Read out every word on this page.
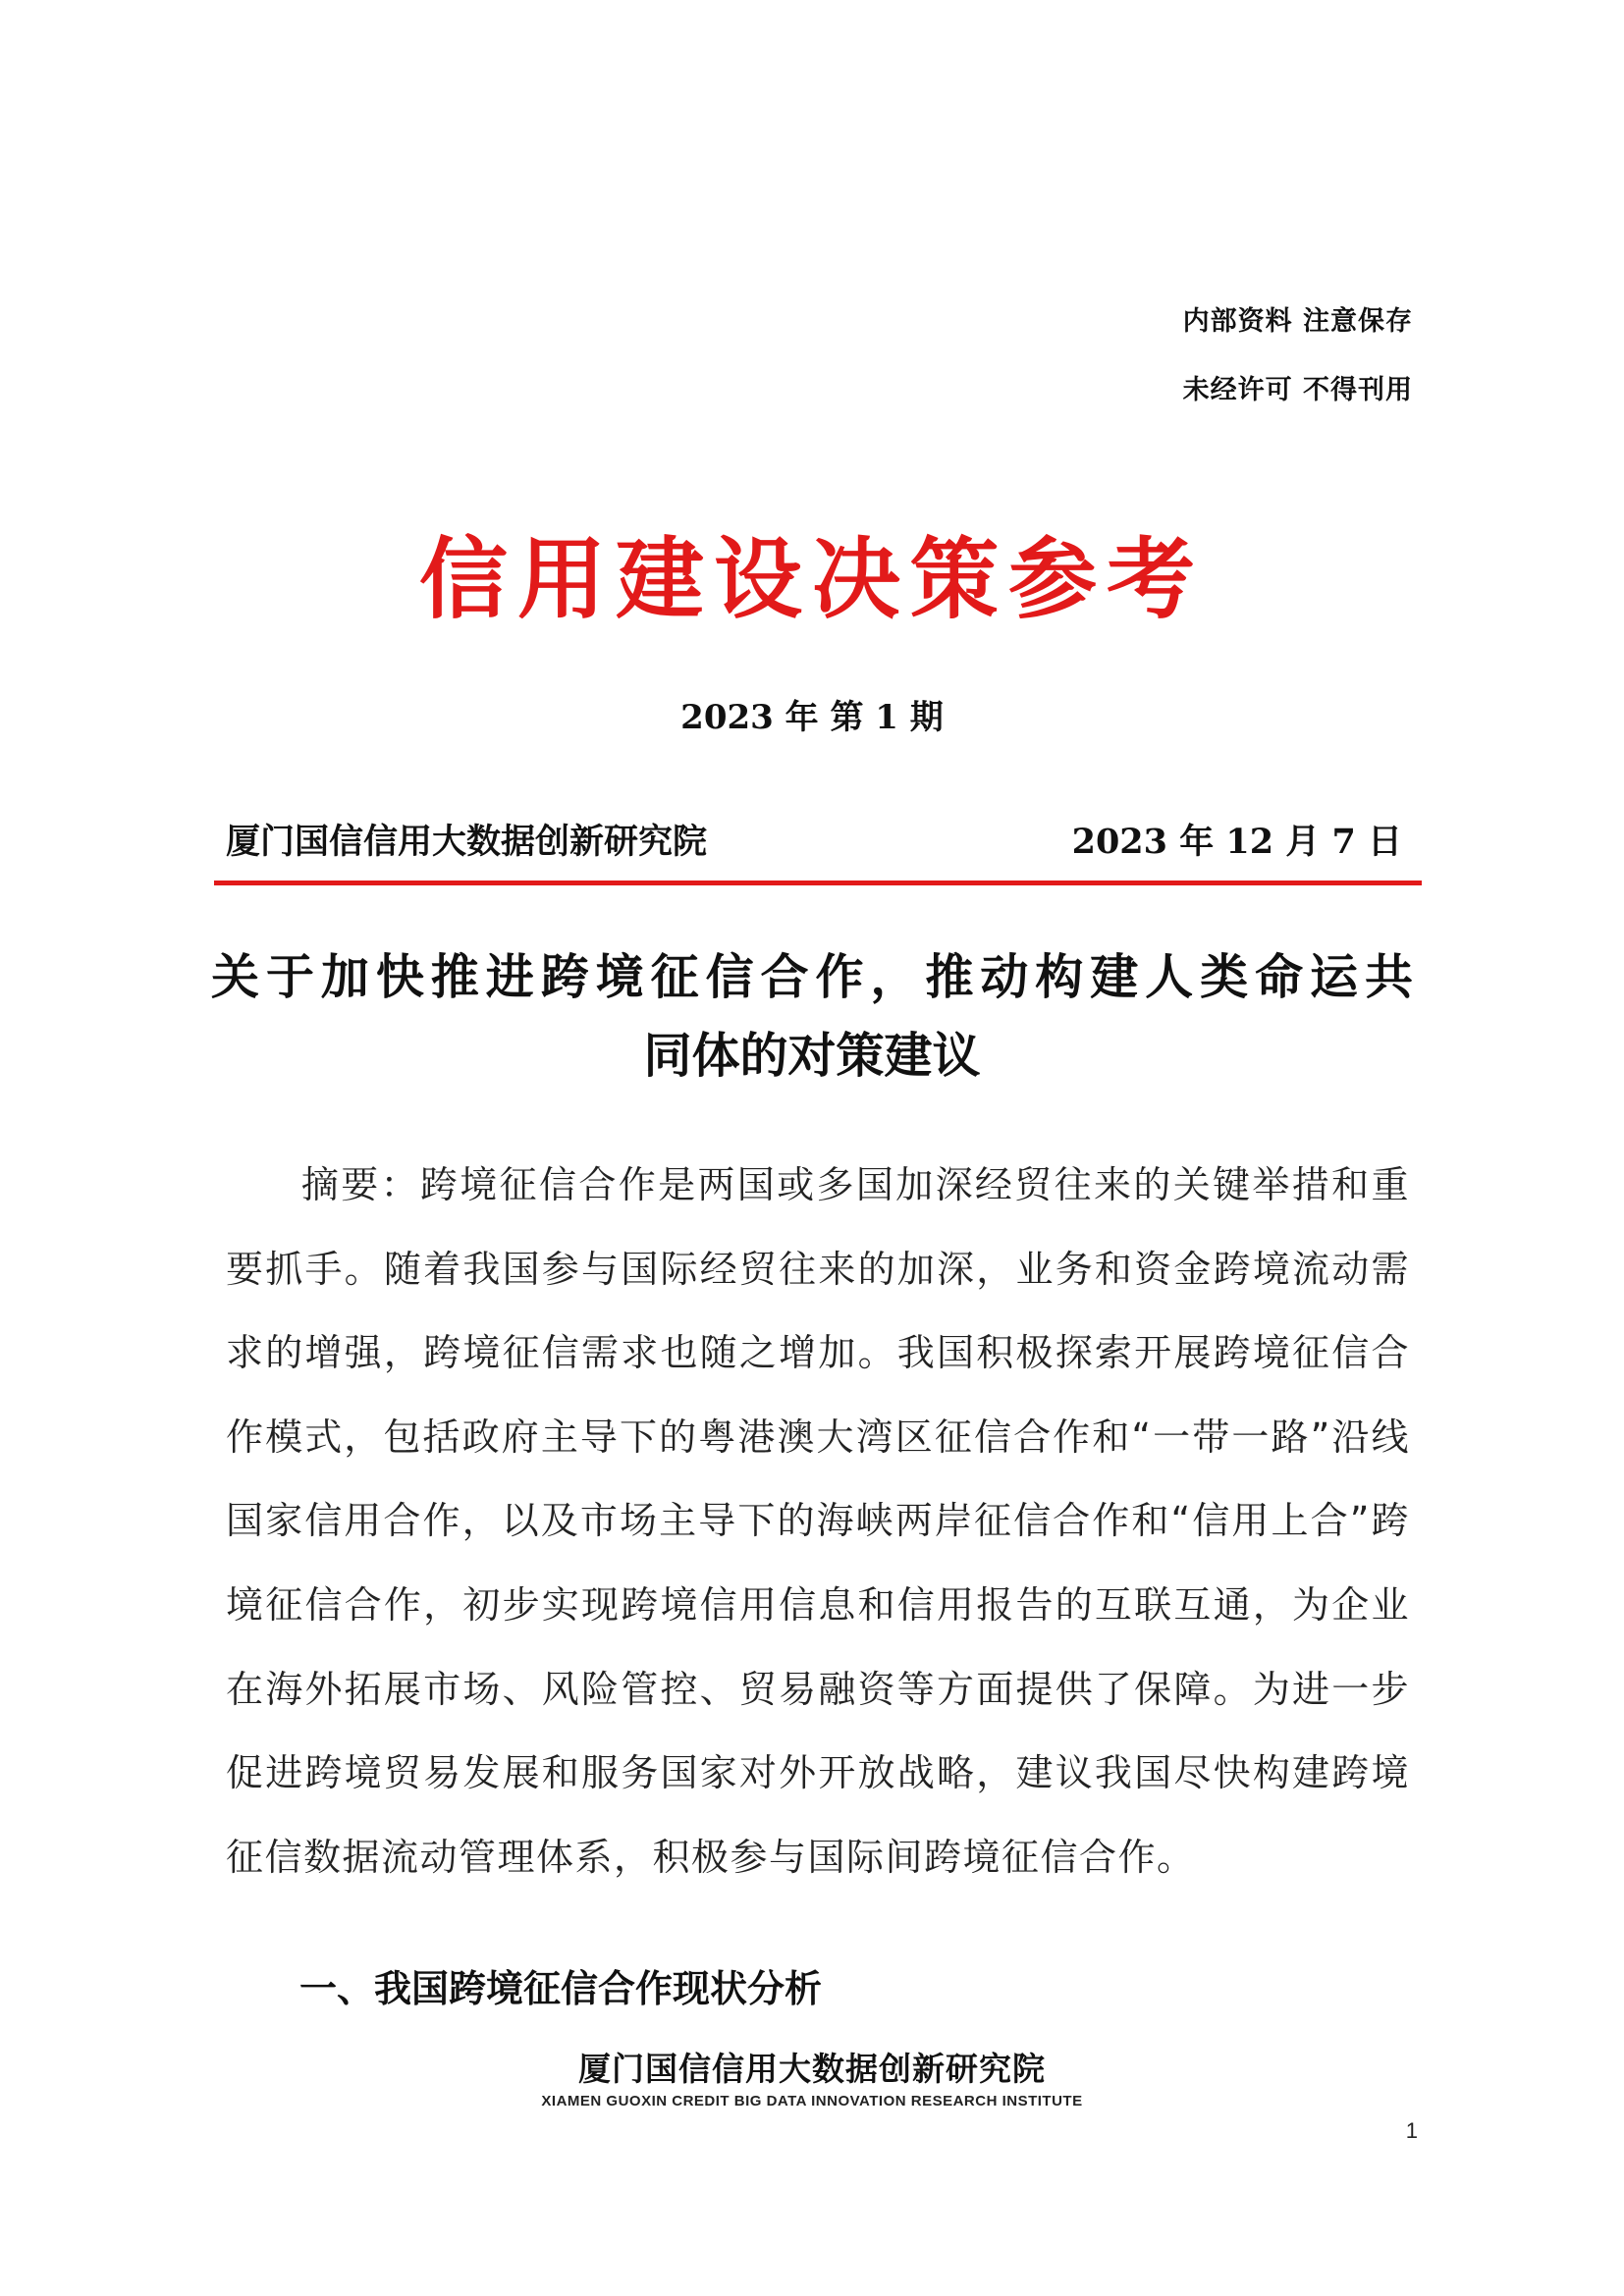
内部资料 注意保存
未经许可 不得刊用
信用建设决策参考
2023 年 第 1 期
厦门国信信用大数据创新研究院	2023 年 12 月 7 日
关于加快推进跨境征信合作，推动构建人类命运共
同体的对策建议

摘要：跨境征信合作是两国或多国加深经贸往来的关键举措和重要抓手。随着我国参与国际经贸往来的加深，业务和资金跨境流动需求的增强，跨境征信需求也随之增加。我国积极探索开展跨境征信合作模式，包括政府主导下的粤港澳大湾区征信合作和“一带一路”沿线国家信用合作，以及市场主导下的海峡两岸征信合作和“信用上合”跨境征信合作，初步实现跨境信用信息和信用报告的互联互通，为企业在海外拓展市场、风险管控、贸易融资等方面提供了保障。为进一步促进跨境贸易发展和服务国家对外开放战略，建议我国尽快构建跨境征信数据流动管理体系，积极参与国际间跨境征信合作。

一、我国跨境征信合作现状分析
厦门国信信用大数据创新研究院
XIAMEN GUOXIN CREDIT BIG DATA INNOVATION RESEARCH INSTITUTE
1
